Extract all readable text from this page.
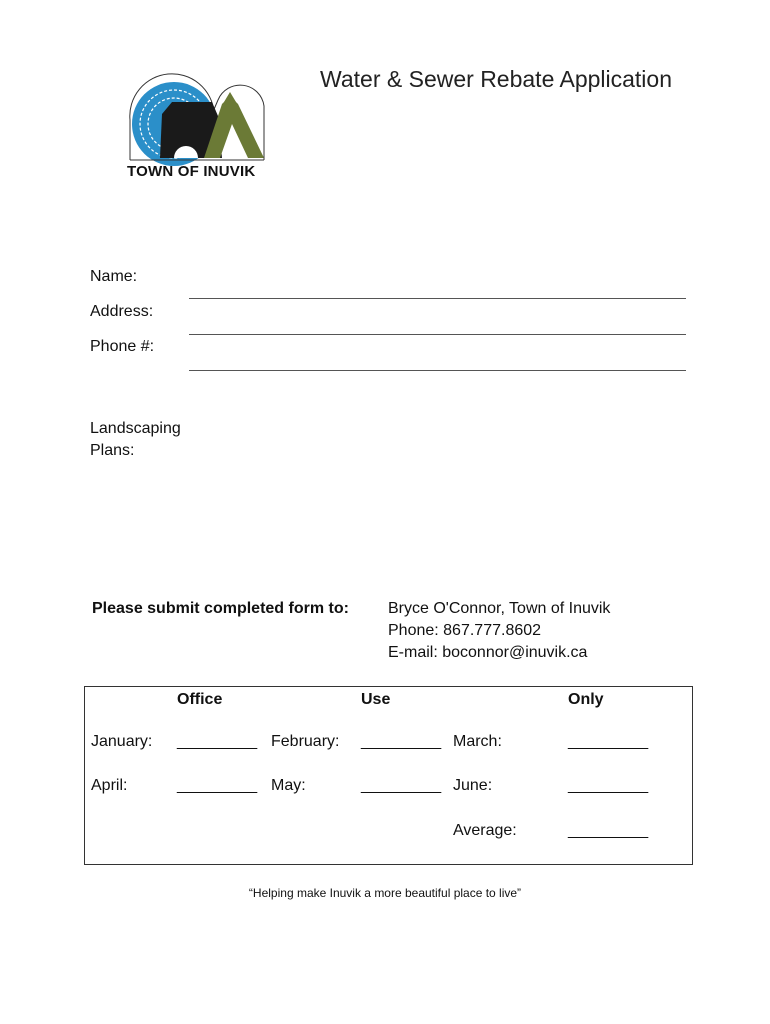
TOWN OF INUVIK
Water & Sewer Rebate Application
Name:
Address:
Phone #:
Landscaping
Plans:
Please submit completed form to: Bryce O'Connor, Town of Inuvik
Phone: 867.777.8602
E-mail: boconnor@inuvik.ca
Office	Use	Only
January: _________ February: _________ March:	_________
April:	_________ May:	_________ June:	_________
Average:	_________
“Helping make Inuvik a more beautiful place to live”
